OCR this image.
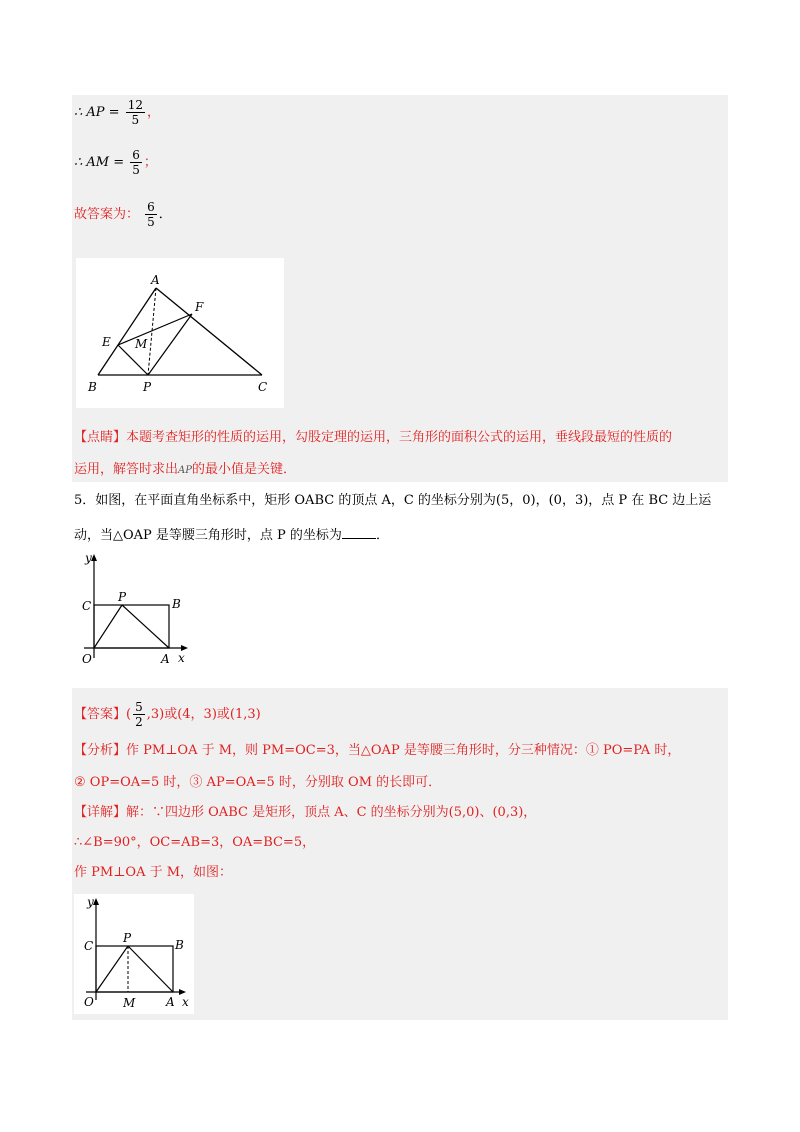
∴ AP = $\frac{12}{5}$ ，
∴ AM = $\frac{6}{5}$ ；
故答案为： $\frac{6}{5}$ ．
A
B	C
E
F
M
P
【点睛】本题考查矩形的性质的运用，勾股定理的运用，三角形的面积公式的运用，垂线段最短的性质的
运用，解答时求出AP的最小值是关键．
5．如图，在平面直角坐标系中，矩形 OABC 的顶点 A，C 的坐标分别为(5，0)，(0，3)，点 P 在 BC 边上运
动，当△OAP 是等腰三角形时，点 P 的坐标为	．
y
x
O	A
B
C
P
【答案】( $\frac{5}{2} ,3$)或(4，3)或(1,3)
【分析】作 PM⊥OA 于 M，则 PM=OC=3，当△OAP 是等腰三角形时，分三种情况：① PO=PA 时，
② OP=OA=5 时，③ AP=OA=5 时，分别取 OM 的长即可．
【详解】解：∵四边形 OABC 是矩形，顶点 A、C 的坐标分别为(5,0)、(0,3)，
∴∠B=90°，OC=AB=3，OA=BC=5，
作 PM⊥OA 于 M，如图：
y
x
O	A
B
C
P
M
